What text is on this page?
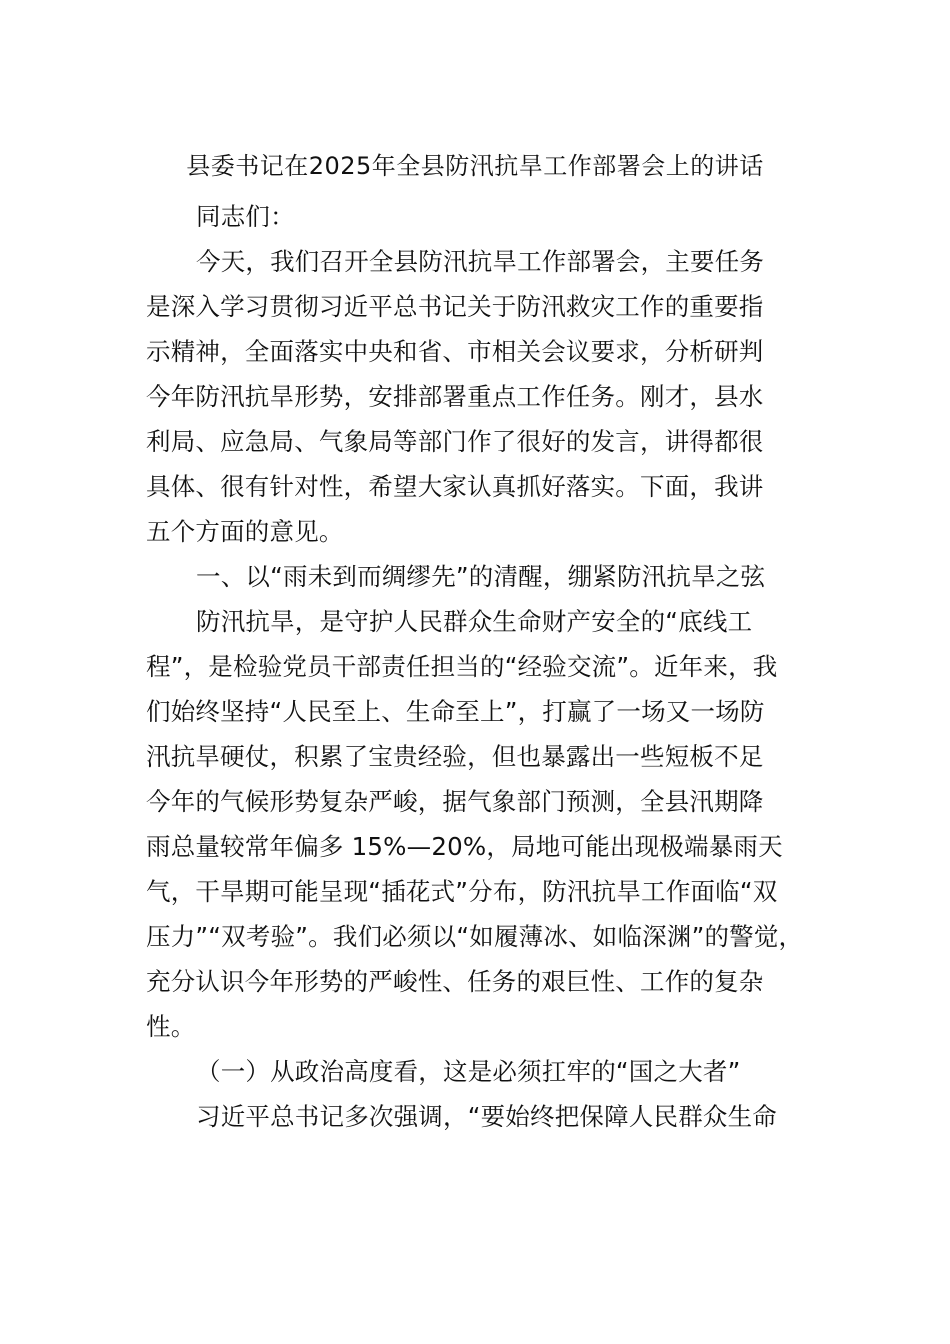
县委书记在2025年全县防汛抗旱工作部署会上的讲话
同志们：
今天，我们召开全县防汛抗旱工作部署会，主要任务
是深入学习贯彻习近平总书记关于防汛救灾工作的重要指
示精神，全面落实中央和省、市相关会议要求，分析研判
今年防汛抗旱形势，安排部署重点工作任务。刚才，县水
利局、应急局、气象局等部门作了很好的发言，讲得都很
具体、很有针对性，希望大家认真抓好落实。下面，我讲
五个方面的意见。
一、以“雨未到而绸缪先”的清醒，绷紧防汛抗旱之弦
防汛抗旱，是守护人民群众生命财产安全的“底线工
程”，是检验党员干部责任担当的“经验交流”。近年来，我
们始终坚持“人民至上、生命至上”，打赢了一场又一场防
汛抗旱硬仗，积累了宝贵经验，但也暴露出一些短板不足
今年的气候形势复杂严峻，据气象部门预测，全县汛期降
雨总量较常年偏多 15%—20%，局地可能出现极端暴雨天
气，干旱期可能呈现“插花式”分布，防汛抗旱工作面临“双
压力”“双考验”。我们必须以“如履薄冰、如临深渊”的警觉，
充分认识今年形势的严峻性、任务的艰巨性、工作的复杂
性。
（一）从政治高度看，这是必须扛牢的“国之大者”
习近平总书记多次强调，“要始终把保障人民群众生命
